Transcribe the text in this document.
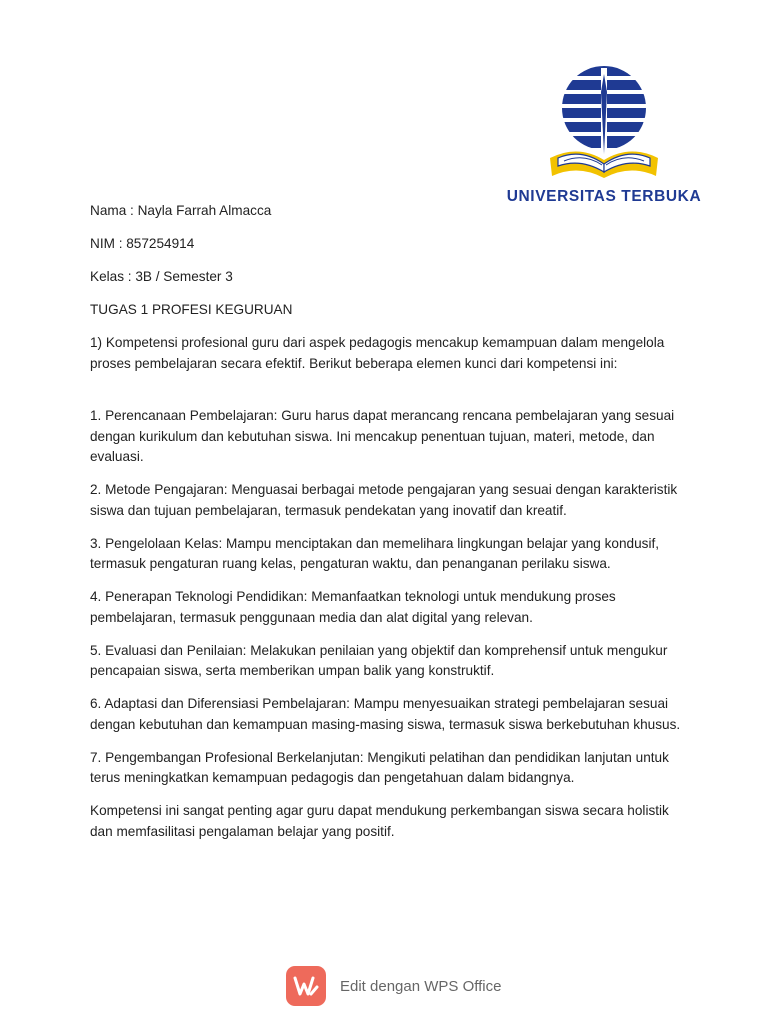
UNIVERSITAS TERBUKA

Nama : Nayla Farrah Almacca

NIM : 857254914

Kelas : 3B / Semester 3

TUGAS 1 PROFESI KEGURUAN

1) Kompetensi profesional guru dari aspek pedagogis mencakup kemampuan dalam mengelola proses pembelajaran secara efektif. Berikut beberapa elemen kunci dari kompetensi ini:

1. Perencanaan Pembelajaran: Guru harus dapat merancang rencana pembelajaran yang sesuai dengan kurikulum dan kebutuhan siswa. Ini mencakup penentuan tujuan, materi, metode, dan evaluasi.

2. Metode Pengajaran: Menguasai berbagai metode pengajaran yang sesuai dengan karakteristik siswa dan tujuan pembelajaran, termasuk pendekatan yang inovatif dan kreatif.

3. Pengelolaan Kelas: Mampu menciptakan dan memelihara lingkungan belajar yang kondusif, termasuk pengaturan ruang kelas, pengaturan waktu, dan penanganan perilaku siswa.

4. Penerapan Teknologi Pendidikan: Memanfaatkan teknologi untuk mendukung proses pembelajaran, termasuk penggunaan media dan alat digital yang relevan.

5. Evaluasi dan Penilaian: Melakukan penilaian yang objektif dan komprehensif untuk mengukur pencapaian siswa, serta memberikan umpan balik yang konstruktif.

6. Adaptasi dan Diferensiasi Pembelajaran: Mampu menyesuaikan strategi pembelajaran sesuai dengan kebutuhan dan kemampuan masing-masing siswa, termasuk siswa berkebutuhan khusus.

7. Pengembangan Profesional Berkelanjutan: Mengikuti pelatihan dan pendidikan lanjutan untuk terus meningkatkan kemampuan pedagogis dan pengetahuan dalam bidangnya.

Kompetensi ini sangat penting agar guru dapat mendukung perkembangan siswa secara holistik dan memfasilitasi pengalaman belajar yang positif.

Edit dengan WPS Office
